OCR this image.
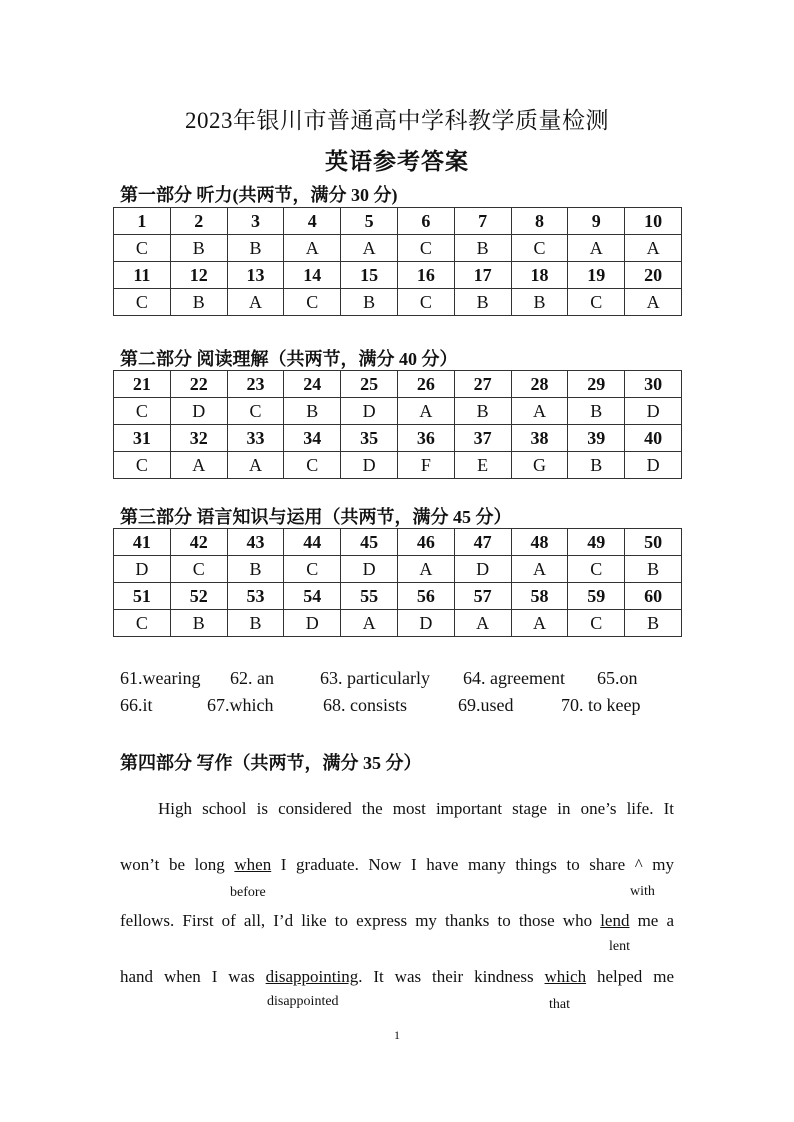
2023年银川市普通高中学科教学质量检测
英语参考答案
第一部分 听力(共两节，满分 30 分)
1	2	3	4	5	6	7	8	9	10
C	B	B	A	A	C	B	C	A	A
11	12	13	14	15	16	17	18	19	20
C	B	A	C	B	C	B	B	C	A
第二部分 阅读理解（共两节，满分 40 分）
21	22	23	24	25	26	27	28	29	30
C	D	C	B	D	A	B	A	B	D
31	32	33	34	35	36	37	38	39	40
C	A	A	C	D	F	E	G	B	D
第三部分 语言知识与运用（共两节，满分 45 分）
41	42	43	44	45	46	47	48	49	50
D	C	B	C	D	A	D	A	C	B
51	52	53	54	55	56	57	58	59	60
C	B	B	D	A	D	A	A	C	B
61.wearing 62. an	63. particularly 64. agreement 65.on
66.it	67.which	68. consists	69.used	70. to keep
第四部分 写作（共两节，满分 35 分）
High school is considered the most important stage in one’s life. It
won’t be long when I graduate. Now I have many things to share ^ my
before	with
fellows. First of all, I’d like to express my thanks to those who lend me a
lent
hand when I was disappointing. It was their kindness which helped me
disappointed	that
1
